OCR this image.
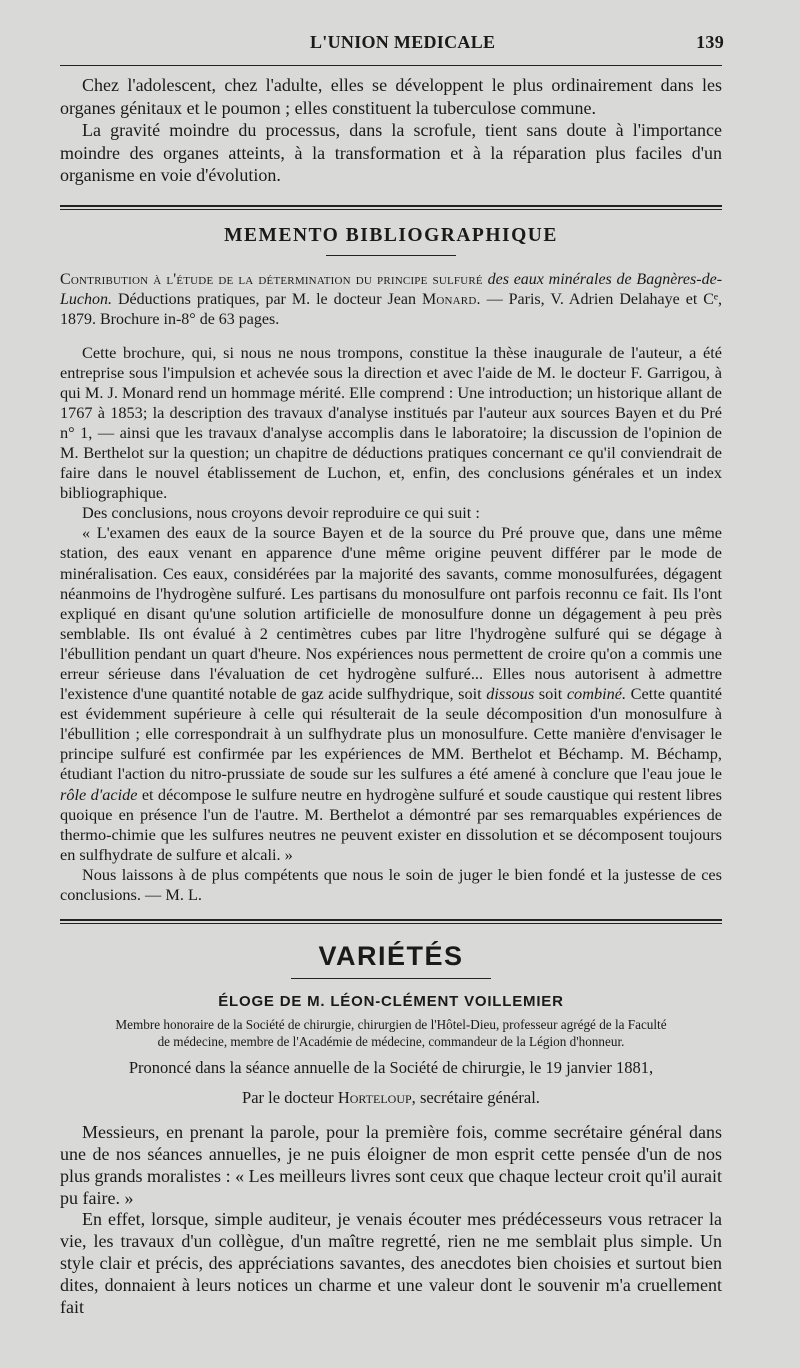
L'UNION MEDICALE	139

Chez l'adolescent, chez l'adulte, elles se développent le plus ordinairement dans les organes génitaux et le poumon ; elles constituent la tuberculose commune.

La gravité moindre du processus, dans la scrofule, tient sans doute à l'importance moindre des organes atteints, à la transformation et à la réparation plus faciles d'un organisme en voie d'évolution.

MEMENTO BIBLIOGRAPHIQUE

Contribution à l'étude de la détermination du principe sulfuré des eaux minérales de Bagnères-de-Luchon. Déductions pratiques, par M. le docteur Jean Monard. — Paris, V. Adrien Delahaye et Cᵉ, 1879. Brochure in-8° de 63 pages.

Cette brochure, qui, si nous ne nous trompons, constitue la thèse inaugurale de l'auteur, a été entreprise sous l'impulsion et achevée sous la direction et avec l'aide de M. le docteur F. Garrigou, à qui M. J. Monard rend un hommage mérité. Elle comprend : Une introduction; un historique allant de 1767 à 1853; la description des travaux d'analyse institués par l'auteur aux sources Bayen et du Pré n° 1, — ainsi que les travaux d'analyse accomplis dans le laboratoire; la discussion de l'opinion de M. Berthelot sur la question; un chapitre de déductions pratiques concernant ce qu'il conviendrait de faire dans le nouvel établissement de Luchon, et, enfin, des conclusions générales et un index bibliographique.

Des conclusions, nous croyons devoir reproduire ce qui suit :

« L'examen des eaux de la source Bayen et de la source du Pré prouve que, dans une même station, des eaux venant en apparence d'une même origine peuvent différer par le mode de minéralisation. Ces eaux, considérées par la majorité des savants, comme monosulfurées, dégagent néanmoins de l'hydrogène sulfuré. Les partisans du monosulfure ont parfois reconnu ce fait. Ils l'ont expliqué en disant qu'une solution artificielle de monosulfure donne un dégagement à peu près semblable. Ils ont évalué à 2 centimètres cubes par litre l'hydrogène sulfuré qui se dégage à l'ébullition pendant un quart d'heure. Nos expériences nous permettent de croire qu'on a commis une erreur sérieuse dans l'évaluation de cet hydrogène sulfuré... Elles nous autorisent à admettre l'existence d'une quantité notable de gaz acide sulfhydrique, soit dissous soit combiné. Cette quantité est évidemment supérieure à celle qui résulterait de la seule décomposition d'un monosulfure à l'ébullition ; elle correspondrait à un sulfhydrate plus un monosulfure. Cette manière d'envisager le principe sulfuré est confirmée par les expériences de MM. Berthelot et Béchamp. M. Béchamp, étudiant l'action du nitro-prussiate de soude sur les sulfures a été amené à conclure que l'eau joue le rôle d'acide et décompose le sulfure neutre en hydrogène sulfuré et soude caustique qui restent libres quoique en présence l'un de l'autre. M. Berthelot a démontré par ses remarquables expériences de thermo-chimie que les sulfures neutres ne peuvent exister en dissolution et se décomposent toujours en sulfhydrate de sulfure et alcali. »

Nous laissons à de plus compétents que nous le soin de juger le bien fondé et la justesse de ces conclusions. — M. L.

VARIÉTÉS
ÉLOGE DE M. LÉON-CLÉMENT VOILLEMIER
Membre honoraire de la Société de chirurgie, chirurgien de l'Hôtel-Dieu, professeur agrégé de la Faculté
de médecine, membre de l'Académie de médecine, commandeur de la Légion d'honneur.
Prononcé dans la séance annuelle de la Société de chirurgie, le 19 janvier 1881,
Par le docteur Horteloup, secrétaire général.

Messieurs, en prenant la parole, pour la première fois, comme secrétaire général dans une de nos séances annuelles, je ne puis éloigner de mon esprit cette pensée d'un de nos plus grands moralistes : « Les meilleurs livres sont ceux que chaque lecteur croit qu'il aurait pu faire. »

En effet, lorsque, simple auditeur, je venais écouter mes prédécesseurs vous retracer la vie, les travaux d'un collègue, d'un maître regretté, rien ne me semblait plus simple. Un style clair et précis, des appréciations savantes, des anecdotes bien choisies et surtout bien dites, donnaient à leurs notices un charme et une valeur dont le souvenir m'a cruellement fait
